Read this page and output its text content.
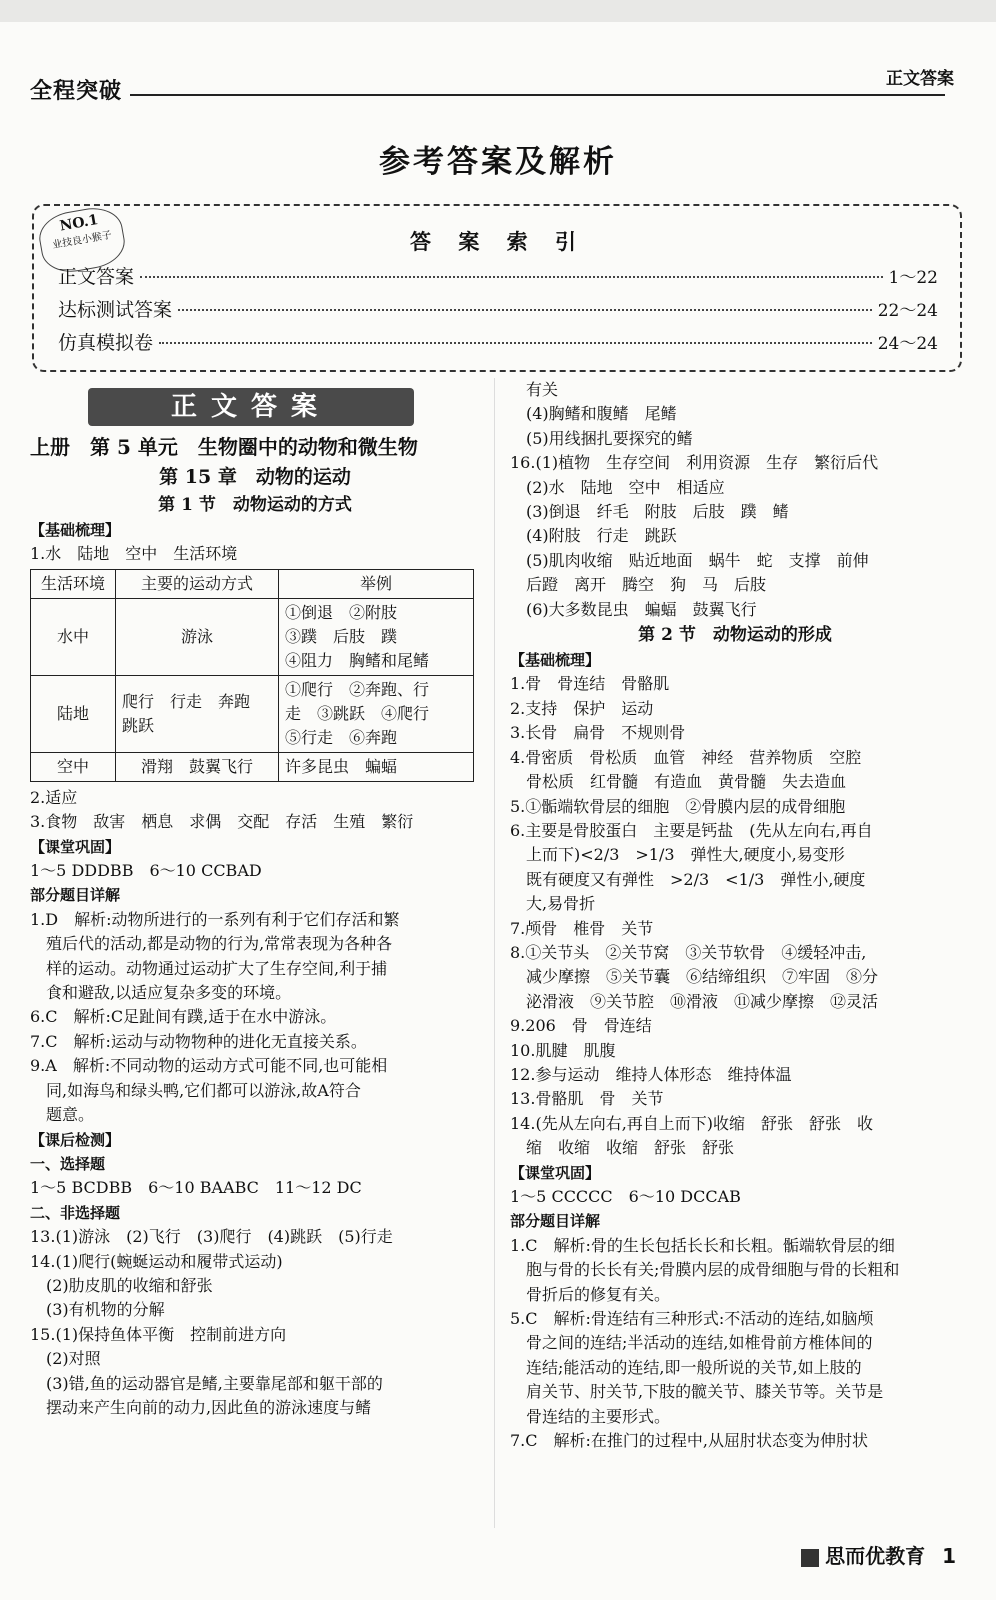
全程突破	正文答案
参考答案及解析
NO.1
业技良小猴子	答 案 索 引
正文答案	1～22
达标测试答案	22～24
仿真模拟卷	24～24
正文答案

上册　第 5 单元　生物圈中的动物和微生物

第 15 章　动物的运动

第 1 节　动物运动的方式

【基础梳理】

1.水　陆地　空中　生活环境

生活环境	主要的运动方式	举例
水中	游泳	①倒退　②附肢
③蹼　后肢　蹼
④阻力　胸鳍和尾鳍

陆地	爬行　行走　奔跑　跳跃	①爬行　②奔跑、行
走　③跳跃　④爬行
⑤行走　⑥奔跑

空中	滑翔　鼓翼飞行	许多昆虫　蝙蝠

2.适应

3.食物　敌害　栖息　求偶　交配　存活　生殖　繁衍

【课堂巩固】

1～5 DDDBB　6～10 CCBAD

部分题目详解

1.D　解析:动物所进行的一系列有利于它们存活和繁

　殖后代的活动,都是动物的行为,常常表现为各种各

　样的运动。动物通过运动扩大了生存空间,利于捕

　食和避敌,以适应复杂多变的环境。

6.C　解析:C足趾间有蹼,适于在水中游泳。

7.C　解析:运动与动物物种的进化无直接关系。

9.A　解析:不同动物的运动方式可能不同,也可能相

　同,如海鸟和绿头鸭,它们都可以游泳,故A符合

　题意。

【课后检测】

一、选择题

1～5 BCDBB　6～10 BAABC　11～12 DC

二、非选择题

13.(1)游泳　(2)飞行　(3)爬行　(4)跳跃　(5)行走

14.(1)爬行(蜿蜒运动和履带式运动)

　(2)肋皮肌的收缩和舒张

　(3)有机物的分解

15.(1)保持鱼体平衡　控制前进方向

　(2)对照

　(3)错,鱼的运动器官是鳍,主要靠尾部和躯干部的

　摆动来产生向前的动力,因此鱼的游泳速度与鳍

　有关

　(4)胸鳍和腹鳍　尾鳍

　(5)用线捆扎要探究的鳍

16.(1)植物　生存空间　利用资源　生存　繁衍后代

　(2)水　陆地　空中　相适应

　(3)倒退　纤毛　附肢　后肢　蹼　鳍

　(4)附肢　行走　跳跃

　(5)肌肉收缩　贴近地面　蜗牛　蛇　支撑　前伸

　后蹬　离开　腾空　狗　马　后肢

　(6)大多数昆虫　蝙蝠　鼓翼飞行

第 2 节　动物运动的形成

【基础梳理】

1.骨　骨连结　骨骼肌

2.支持　保护　运动

3.长骨　扁骨　不规则骨

4.骨密质　骨松质　血管　神经　营养物质　空腔

　骨松质　红骨髓　有造血　黄骨髓　失去造血

5.①骺端软骨层的细胞　②骨膜内层的成骨细胞

6.主要是骨胶蛋白　主要是钙盐　(先从左向右,再自

　上而下)<2/3　>1/3　弹性大,硬度小,易变形

　既有硬度又有弹性　>2/3　<1/3　弹性小,硬度

　大,易骨折

7.颅骨　椎骨　关节

8.①关节头　②关节窝　③关节软骨　④缓轻冲击,

　减少摩擦　⑤关节囊　⑥结缔组织　⑦牢固　⑧分

　泌滑液　⑨关节腔　⑩滑液　⑪减少摩擦　⑫灵活

9.206　骨　骨连结

10.肌腱　肌腹

12.参与运动　维持人体形态　维持体温

13.骨骼肌　骨　关节

14.(先从左向右,再自上而下)收缩　舒张　舒张　收

　缩　收缩　收缩　舒张　舒张

【课堂巩固】

1～5 CCCCC　6～10 DCCAB

部分题目详解

1.C　解析:骨的生长包括长长和长粗。骺端软骨层的细

　胞与骨的长长有关;骨膜内层的成骨细胞与骨的长粗和

　骨折后的修复有关。

5.C　解析:骨连结有三种形式:不活动的连结,如脑颅

　骨之间的连结;半活动的连结,如椎骨前方椎体间的

　连结;能活动的连结,即一般所说的关节,如上肢的

　肩关节、肘关节,下肢的髋关节、膝关节等。关节是

　骨连结的主要形式。

7.C　解析:在推门的过程中,从屈肘状态变为伸肘状

思而优教育 1
